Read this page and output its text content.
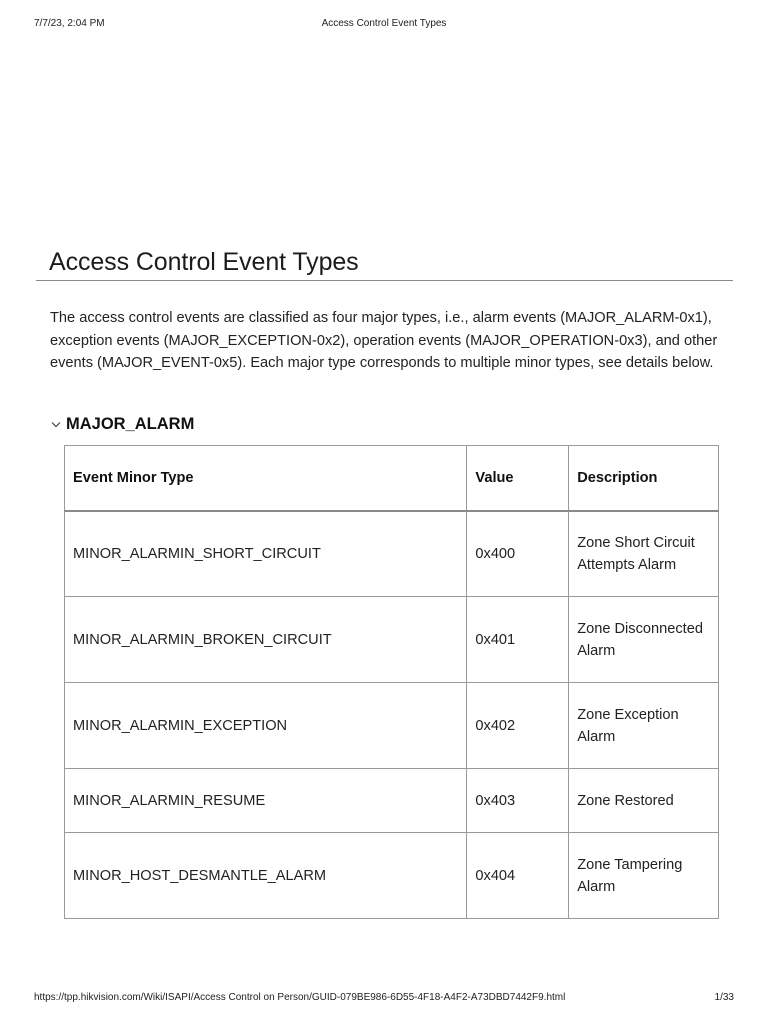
7/7/23, 2:04 PM	Access Control Event Types
Access Control Event Types

The access control events are classified as four major types, i.e., alarm events (MAJOR_ALARM-0x1), exception events (MAJOR_EXCEPTION-0x2), operation events (MAJOR_OPERATION-0x3), and other events (MAJOR_EVENT-0x5). Each major type corresponds to multiple minor types, see details below.

MAJOR_ALARM
Event Minor Type	Value	Description
MINOR_ALARMIN_SHORT_CIRCUIT	0x400	Zone Short Circuit Attempts Alarm
MINOR_ALARMIN_BROKEN_CIRCUIT	0x401	Zone Disconnected Alarm
MINOR_ALARMIN_EXCEPTION	0x402	Zone Exception Alarm
MINOR_ALARMIN_RESUME	0x403	Zone Restored
MINOR_HOST_DESMANTLE_ALARM	0x404	Zone Tampering Alarm
https://tpp.hikvision.com/Wiki/ISAPI/Access Control on Person/GUID-079BE986-6D55-4F18-A4F2-A73DBD7442F9.html	1/33
